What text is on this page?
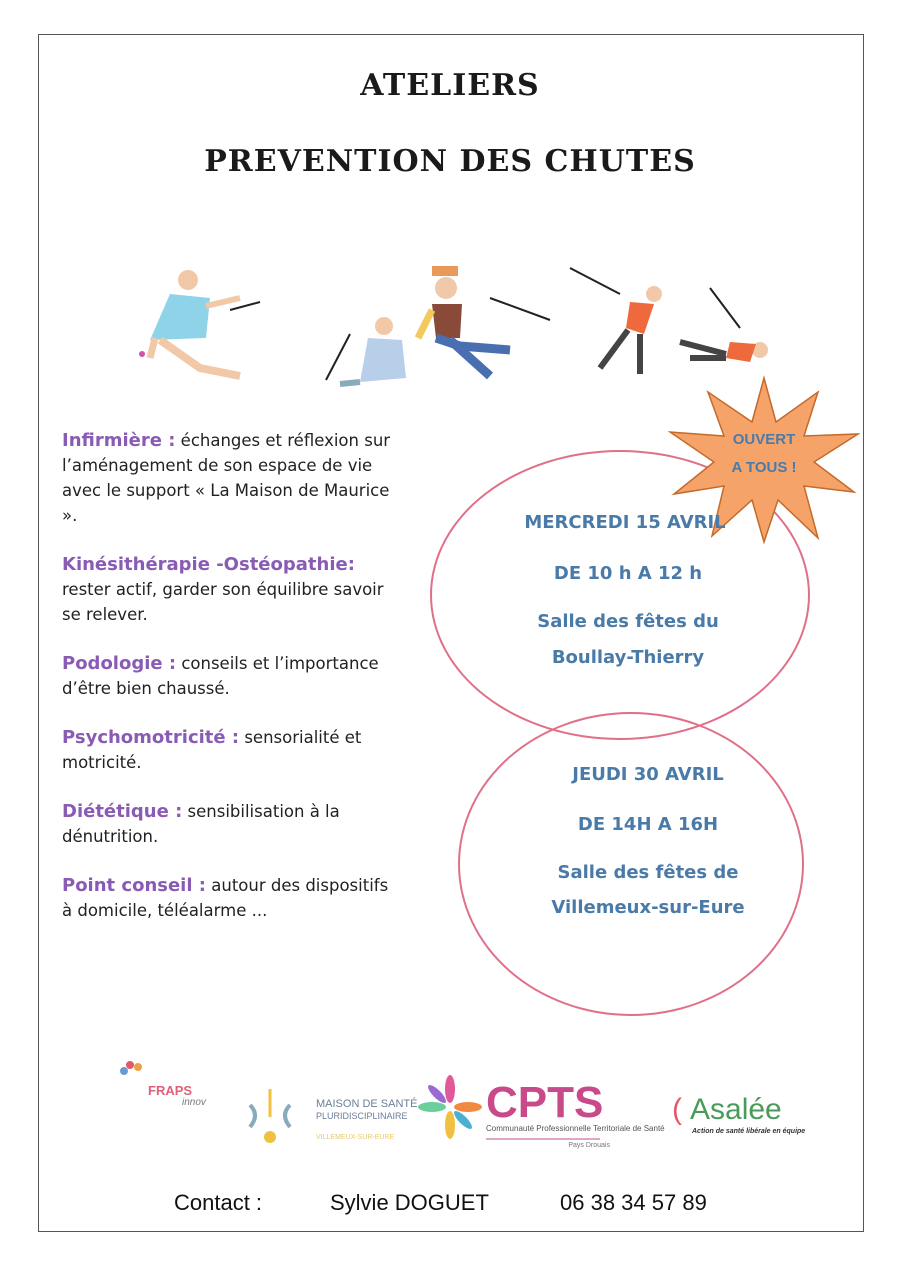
ATELIERS
PREVENTION DES CHUTES
Infirmière : échanges et réflexion sur l’aménagement de son espace de vie avec le support « La Maison de Maurice ».
Kinésithérapie -Ostéopathie:
rester actif, garder son équilibre savoir se relever.
Podologie : conseils et l’importance d’être bien chaussé.
Psychomotricité : sensorialité et motricité.
Diététique : sensibilisation à la dénutrition.
Point conseil : autour des dispositifs à domicile, téléalarme ...
OUVERT
A TOUS !
MERCREDI 15 AVRIL
DE 10 h A 12 h
Salle des fêtes du
Boullay-Thierry
JEUDI 30 AVRIL
DE 14H A 16H
Salle des fêtes de
Villemeux-sur-Eure
FRAPS
innov	MAISON DE SANTÉ
PLURIDISCIPLINAIRE
VILLEMEUX-SUR-EURE
CPTS
Communauté Professionnelle Territoriale de Santé
Pays Drouais
( Asalée
Action de santé libérale en équipe
Contact :	Sylvie DOGUET	06 38 34 57 89
